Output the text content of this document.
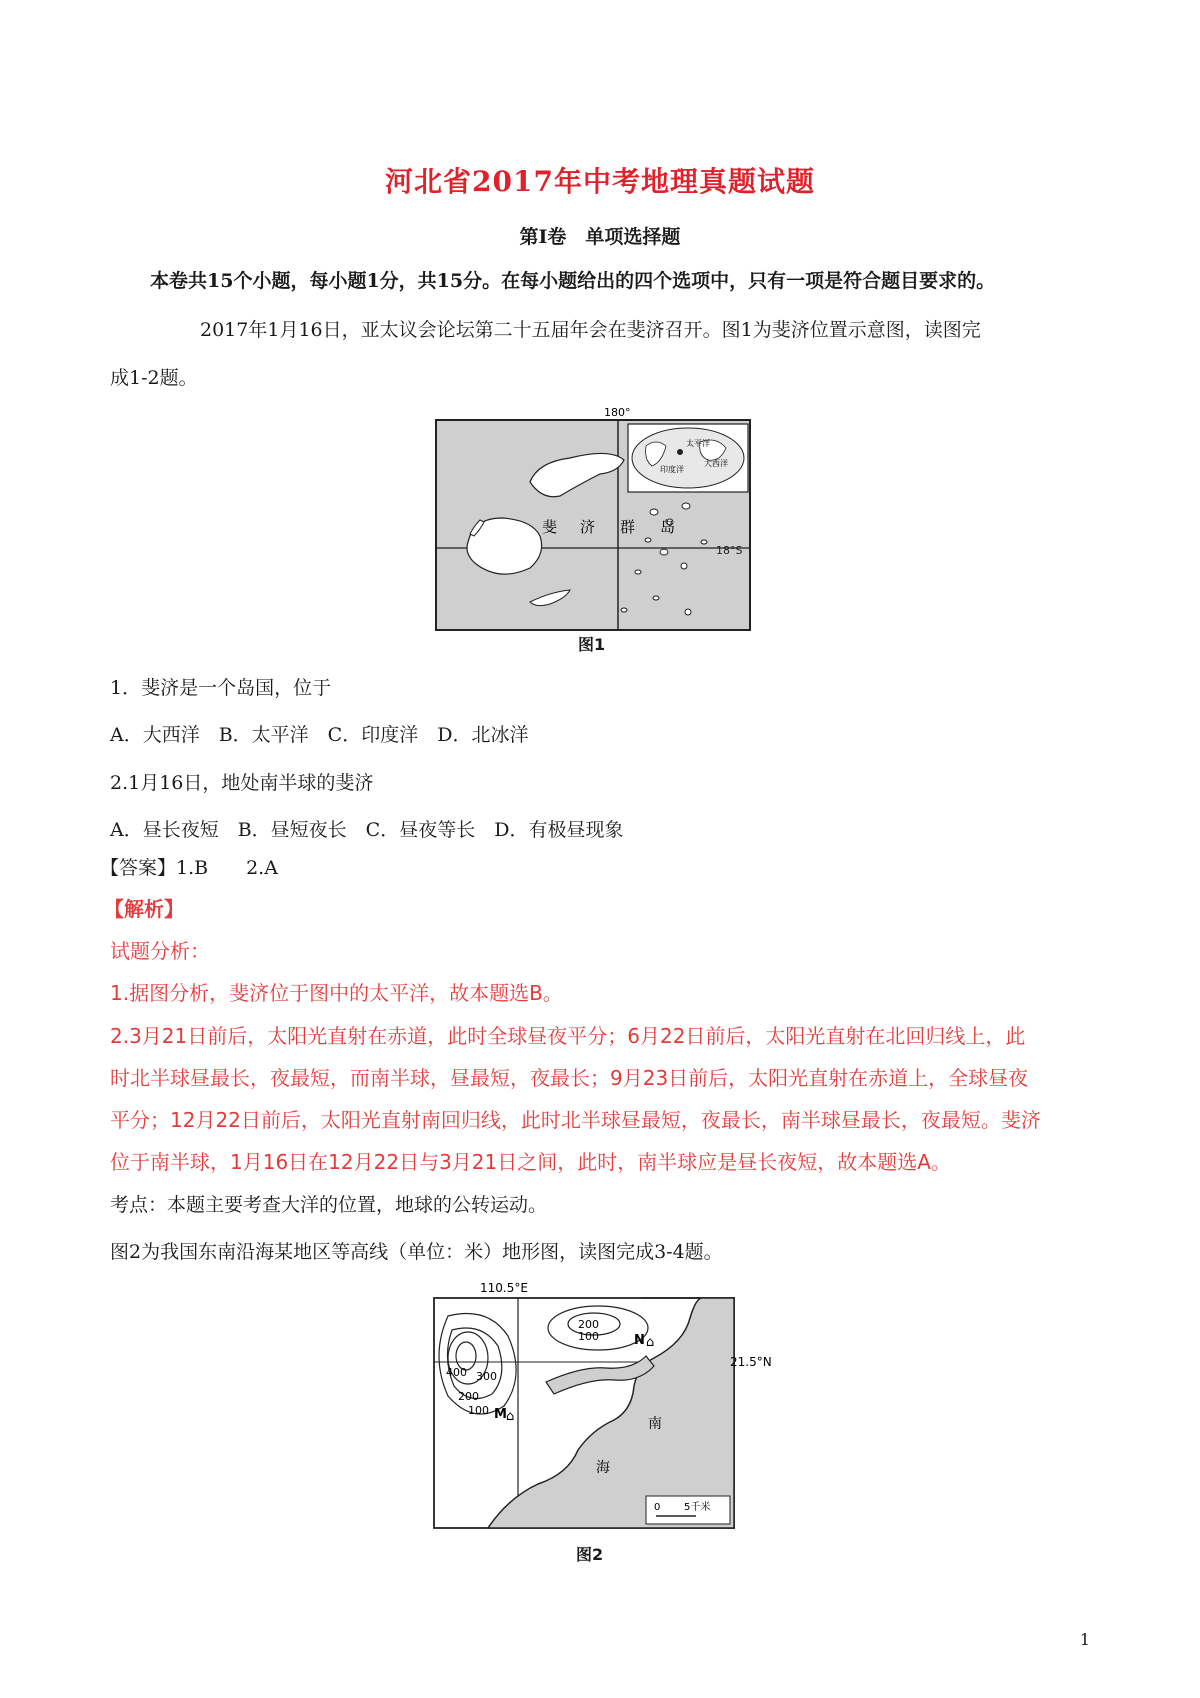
河北省2017年中考地理真题试题
第Ⅰ卷　单项选择题
本卷共15个小题，每小题1分，共15分。在每小题给出的四个选项中，只有一项是符合题目要求的。
2017年1月16日，亚太议会论坛第二十五届年会在斐济召开。图1为斐济位置示意图，读图完
成1-2题。
太平洋
印度洋
大西洋
180°
18°S
斐 济 群 岛
图1
1．斐济是一个岛国，位于
A．大西洋　B．太平洋　C．印度洋　D．北冰洋
2.1月16日，地处南半球的斐济
A．昼长夜短　B．昼短夜长　C．昼夜等长　D．有极昼现象
【答案】1.B　　2.A
【解析】
试题分析：
1.据图分析，斐济位于图中的太平洋，故本题选B。
2.3月21日前后，太阳光直射在赤道，此时全球昼夜平分；6月22日前后，太阳光直射在北回归线上，此
时北半球昼最长，夜最短，而南半球，昼最短，夜最长；9月23日前后，太阳光直射在赤道上，全球昼夜
平分；12月22日前后，太阳光直射南回归线，此时北半球昼最短，夜最长，南半球昼最长，夜最短。斐济
位于南半球，1月16日在12月22日与3月21日之间，此时，南半球应是昼长夜短，故本题选A。
考点：本题主要考查大洋的位置，地球的公转运动。
图2为我国东南沿海某地区等高线（单位：米）地形图，读图完成3-4题。
200
100
400 300
200
100
N ⌂
M ⌂	南
海
0 5千米
110.5°E
21.5°N
图2
1
